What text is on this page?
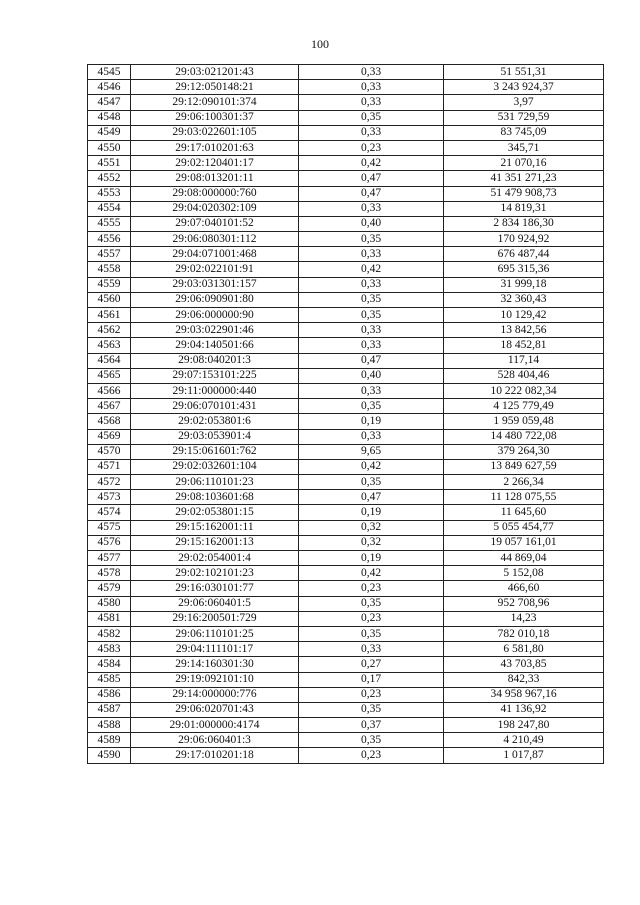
100
4545	29:03:021201:43	0,33	51 551,31
4546	29:12:050148:21	0,33	3 243 924,37
4547	29:12:090101:374	0,33	3,97
4548	29:06:100301:37	0,35	531 729,59
4549	29:03:022601:105	0,33	83 745,09
4550	29:17:010201:63	0,23	345,71
4551	29:02:120401:17	0,42	21 070,16
4552	29:08:013201:11	0,47	41 351 271,23
4553	29:08:000000:760	0,47	51 479 908,73
4554	29:04:020302:109	0,33	14 819,31
4555	29:07:040101:52	0,40	2 834 186,30
4556	29:06:080301:112	0,35	170 924,92
4557	29:04:071001:468	0,33	676 487,44
4558	29:02:022101:91	0,42	695 315,36
4559	29:03:031301:157	0,33	31 999,18
4560	29:06:090901:80	0,35	32 360,43
4561	29:06:000000:90	0,35	10 129,42
4562	29:03:022901:46	0,33	13 842,56
4563	29:04:140501:66	0,33	18 452,81
4564	29:08:040201:3	0,47	117,14
4565	29:07:153101:225	0,40	528 404,46
4566	29:11:000000:440	0,33	10 222 082,34
4567	29:06:070101:431	0,35	4 125 779,49
4568	29:02:053801:6	0,19	1 959 059,48
4569	29:03:053901:4	0,33	14 480 722,08
4570	29:15:061601:762	9,65	379 264,30
4571	29:02:032601:104	0,42	13 849 627,59
4572	29:06:110101:23	0,35	2 266,34
4573	29:08:103601:68	0,47	11 128 075,55
4574	29:02:053801:15	0,19	11 645,60
4575	29:15:162001:11	0,32	5 055 454,77
4576	29:15:162001:13	0,32	19 057 161,01
4577	29:02:054001:4	0,19	44 869,04
4578	29:02:102101:23	0,42	5 152,08
4579	29:16:030101:77	0,23	466,60
4580	29:06:060401:5	0,35	952 708,96
4581	29:16:200501:729	0,23	14,23
4582	29:06:110101:25	0,35	782 010,18
4583	29:04:111101:17	0,33	6 581,80
4584	29:14:160301:30	0,27	43 703,85
4585	29:19:092101:10	0,17	842,33
4586	29:14:000000:776	0,23	34 958 967,16
4587	29:06:020701:43	0,35	41 136,92
4588	29:01:000000:4174	0,37	198 247,80
4589	29:06:060401:3	0,35	4 210,49
4590	29:17:010201:18	0,23	1 017,87
